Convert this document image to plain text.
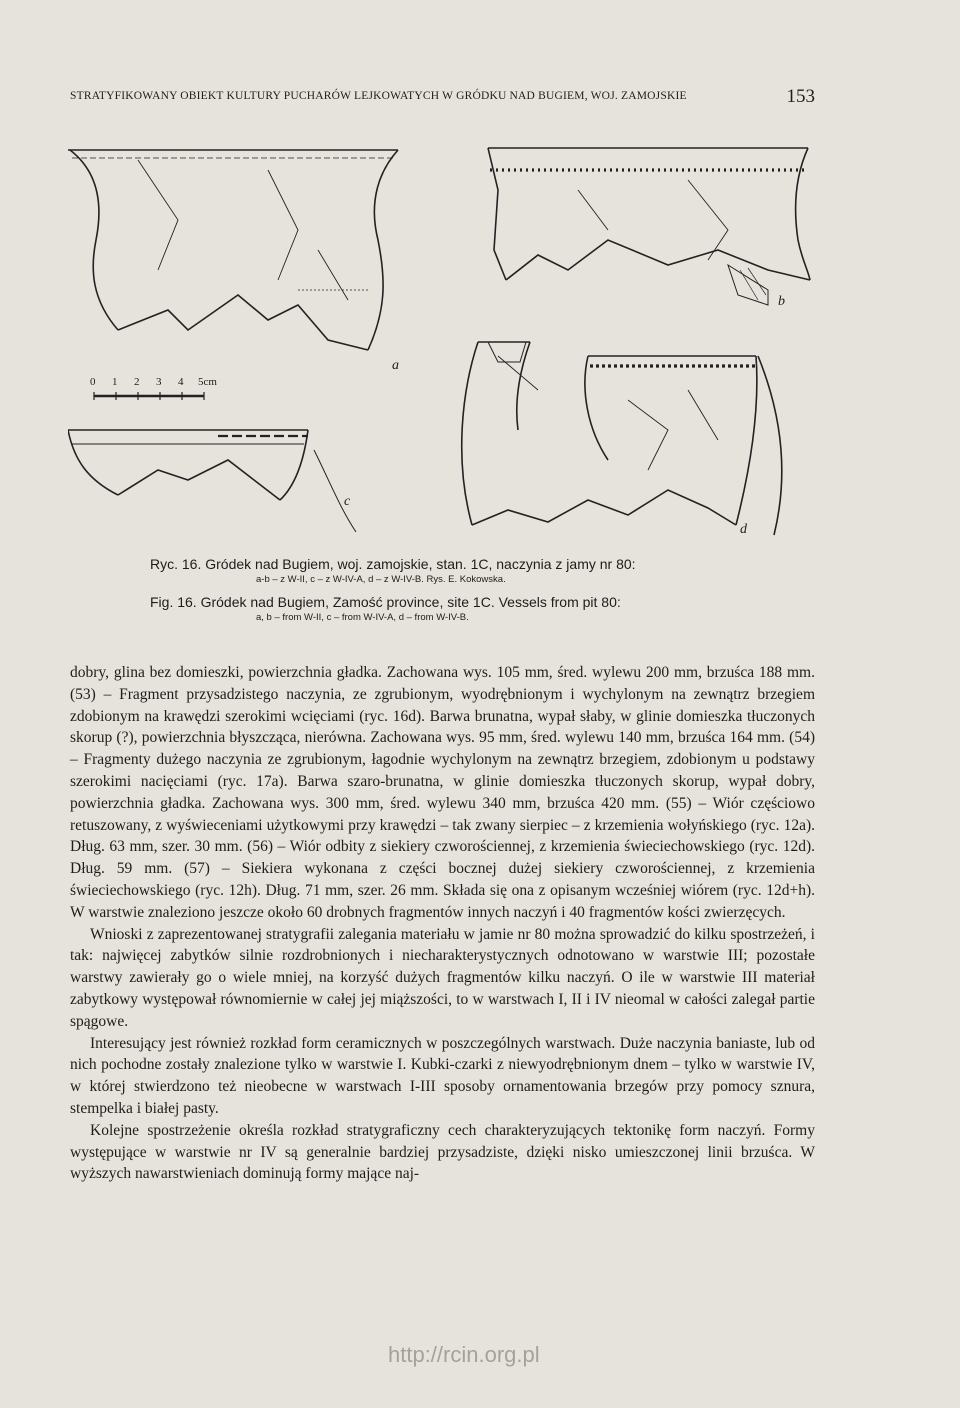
STRATYFIKOWANY OBIEKT KULTURY PUCHARÓW LEJKOWATYCH W GRÓDKU NAD BUGIEM, WOJ. ZAMOJSKIE	153
a
b
c
d
0 1 2 3 4 5cm
Ryc. 16. Gródek nad Bugiem, woj. zamojskie, stan. 1C, naczynia z jamy nr 80:
a-b – z W-II, c – z W-IV-A, d – z W-IV-B. Rys. E. Kokowska.
Fig. 16. Gródek nad Bugiem, Zamość province, site 1C. Vessels from pit 80:
a, b – from W-II, c – from W-IV-A, d – from W-IV-B.

dobry, glina bez domieszki, powierzchnia gładka. Zachowana wys. 105 mm, śred. wylewu 200 mm, brzuśca 188 mm. (53) – Fragment przysadzistego naczynia, ze zgrubionym, wyodrębnionym i wychylonym na zewnątrz brzegiem zdobionym na krawędzi szerokimi wcięciami (ryc. 16d). Barwa brunatna, wypał słaby, w glinie domieszka tłuczonych skorup (?), powierzchnia błyszcząca, nierówna. Zachowana wys. 95 mm, śred. wylewu 140 mm, brzuśca 164 mm. (54) – Fragmenty dużego naczynia ze zgrubionym, łagodnie wychylonym na zewnątrz brzegiem, zdobionym u podstawy szerokimi nacięciami (ryc. 17a). Barwa szaro-brunatna, w glinie domieszka tłuczonych skorup, wypał dobry, powierzchnia gładka. Zachowana wys. 300 mm, śred. wylewu 340 mm, brzuśca 420 mm. (55) – Wiór częściowo retuszowany, z wyświeceniami użytkowymi przy krawędzi – tak zwany sierpiec – z krzemienia wołyńskiego (ryc. 12a). Dług. 63 mm, szer. 30 mm. (56) – Wiór odbity z siekiery czworościennej, z krzemienia świeciechowskiego (ryc. 12d). Dług. 59 mm. (57) – Siekiera wykonana z części bocznej dużej siekiery czworościennej, z krzemienia świeciechowskiego (ryc. 12h). Dług. 71 mm, szer. 26 mm. Składa się ona z opisanym wcześniej wiórem (ryc. 12d+h). W warstwie znaleziono jeszcze około 60 drobnych fragmentów innych naczyń i 40 fragmentów kości zwierzęcych.

Wnioski z zaprezentowanej stratygrafii zalegania materiału w jamie nr 80 można sprowadzić do kilku spostrzeżeń, i tak: najwięcej zabytków silnie rozdrobnionych i niecharakterystycznych odnotowano w warstwie III; pozostałe warstwy zawierały go o wiele mniej, na korzyść dużych fragmentów kilku naczyń. O ile w warstwie III materiał zabytkowy występował równomiernie w całej jej miąższości, to w warstwach I, II i IV nieomal w całości zalegał partie spągowe.

Interesujący jest również rozkład form ceramicznych w poszczególnych warstwach. Duże naczynia baniaste, lub od nich pochodne zostały znalezione tylko w warstwie I. Kubki-czarki z niewyodrębnionym dnem – tylko w warstwie IV, w której stwierdzono też nieobecne w warstwach I-III sposoby ornamentowania brzegów przy pomocy sznura, stempelka i białej pasty.

Kolejne spostrzeżenie określa rozkład stratygraficzny cech charakteryzujących tektonikę form naczyń. Formy występujące w warstwie nr IV są generalnie bardziej przysadziste, dzięki nisko umieszczonej linii brzuśca. W wyższych nawarstwieniach dominują formy mające naj-

http://rcin.org.pl
